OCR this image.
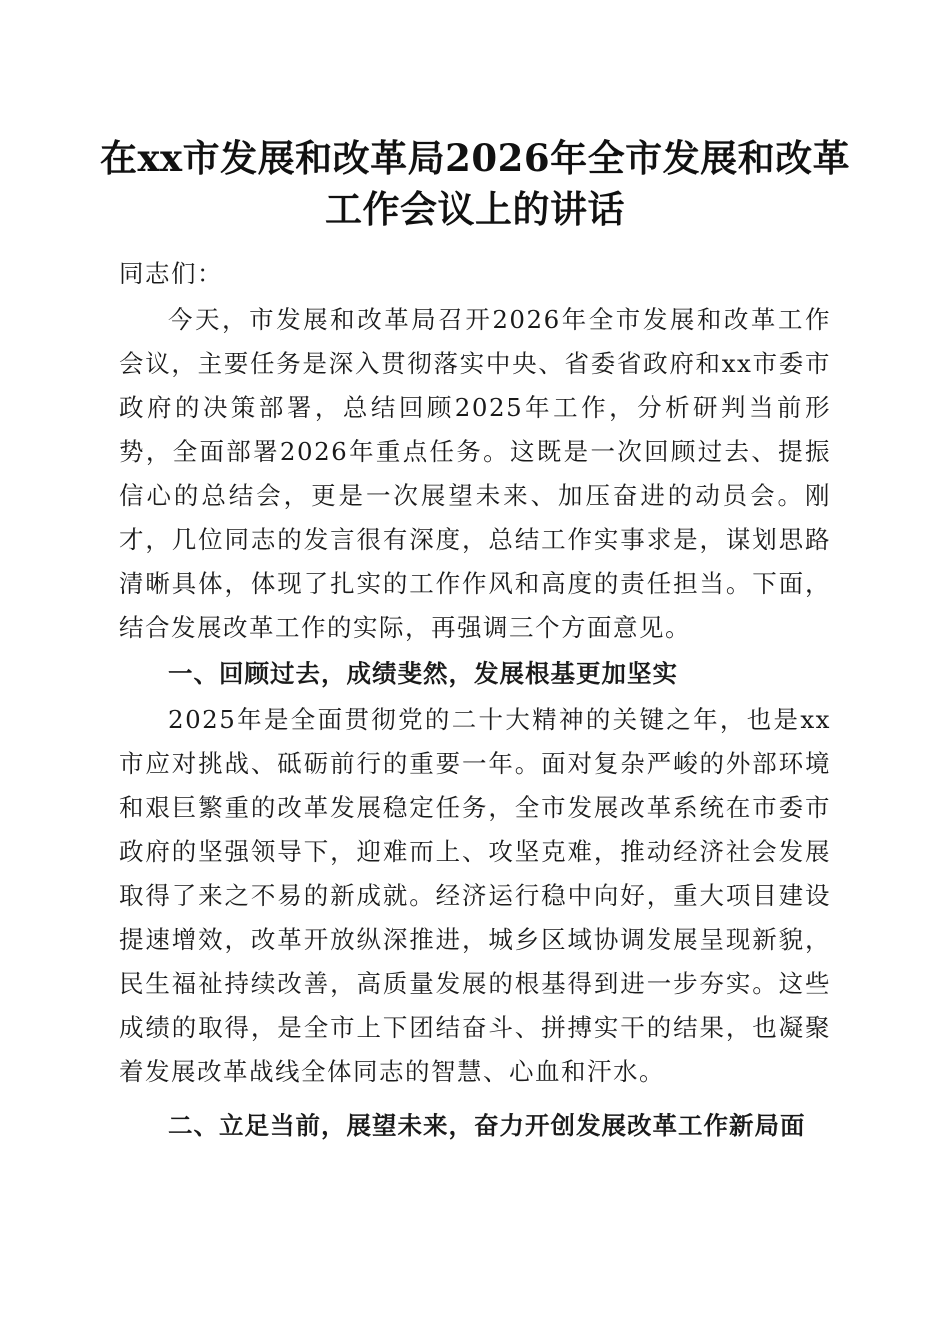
在xx市发展和改革局2026年全市发展和改革
工作会议上的讲话

同志们：

今天，市发展和改革局召开2026年全市发展和改革工作会议，主要任务是深入贯彻落实中央、省委省政府和xx市委市政府的决策部署，总结回顾2025年工作，分析研判当前形势，全面部署2026年重点任务。这既是一次回顾过去、提振信心的总结会，更是一次展望未来、加压奋进的动员会。刚才，几位同志的发言很有深度，总结工作实事求是，谋划思路清晰具体，体现了扎实的工作作风和高度的责任担当。下面，结合发展改革工作的实际，再强调三个方面意见。

一、回顾过去，成绩斐然，发展根基更加坚实

2025年是全面贯彻党的二十大精神的关键之年，也是xx市应对挑战、砥砺前行的重要一年。面对复杂严峻的外部环境和艰巨繁重的改革发展稳定任务，全市发展改革系统在市委市政府的坚强领导下，迎难而上、攻坚克难，推动经济社会发展取得了来之不易的新成就。经济运行稳中向好，重大项目建设提速增效，改革开放纵深推进，城乡区域协调发展呈现新貌，民生福祉持续改善，高质量发展的根基得到进一步夯实。这些成绩的取得，是全市上下团结奋斗、拼搏实干的结果，也凝聚着发展改革战线全体同志的智慧、心血和汗水。

二、立足当前，展望未来，奋力开创发展改革工作新局面
